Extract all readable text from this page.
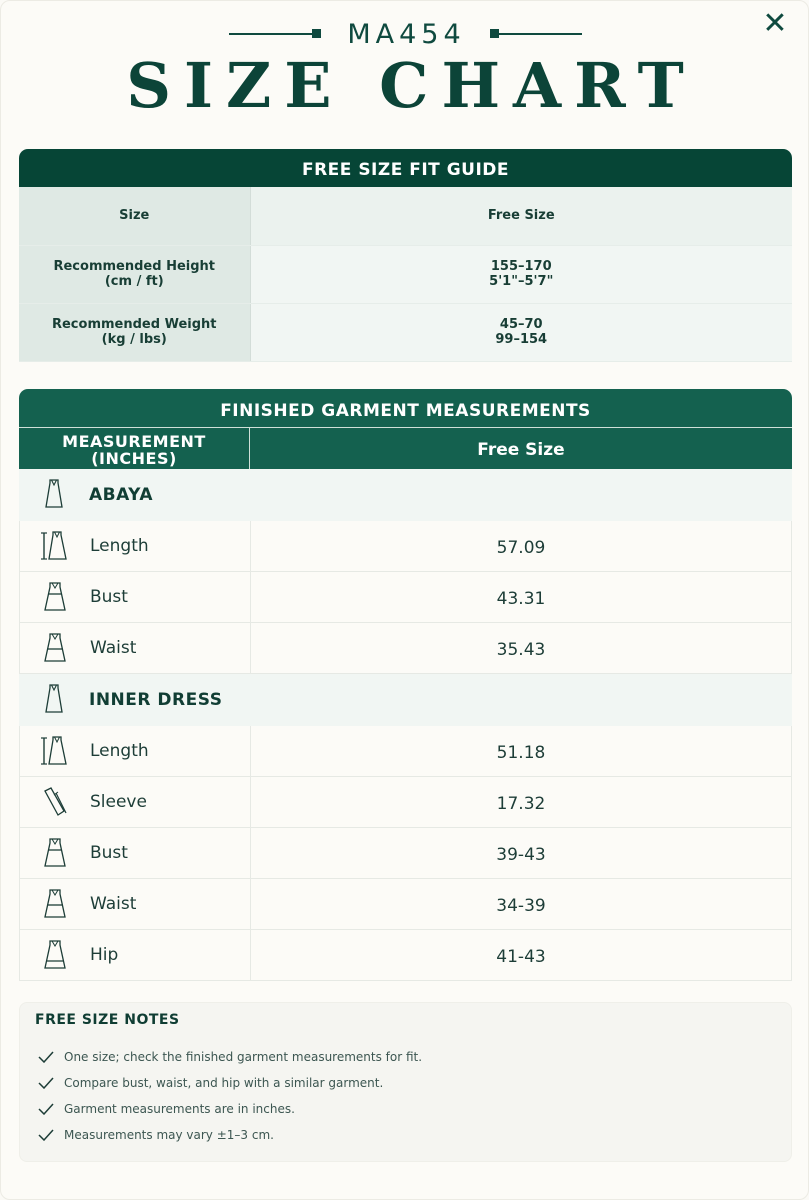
✕
MA454
SIZE CHART
FREE SIZE FIT GUIDE
Size	Free Size
Recommended Height
(cm / ft)	155–170
5'1"–5'7"
Recommended Weight
(kg / lbs)	45–70
99–154
FINISHED GARMENT MEASUREMENTS
MEASUREMENT
(INCHES)	Free Size
ABAYA
Length	57.09
Bust	43.31
Waist	35.43
INNER DRESS
Length	51.18
Sleeve	17.32
Bust	39-43
Waist	34-39
Hip	41-43
FREE SIZE NOTES
One size; check the finished garment measurements for fit.
Compare bust, waist, and hip with a similar garment.
Garment measurements are in inches.
Measurements may vary ±1–3 cm.
